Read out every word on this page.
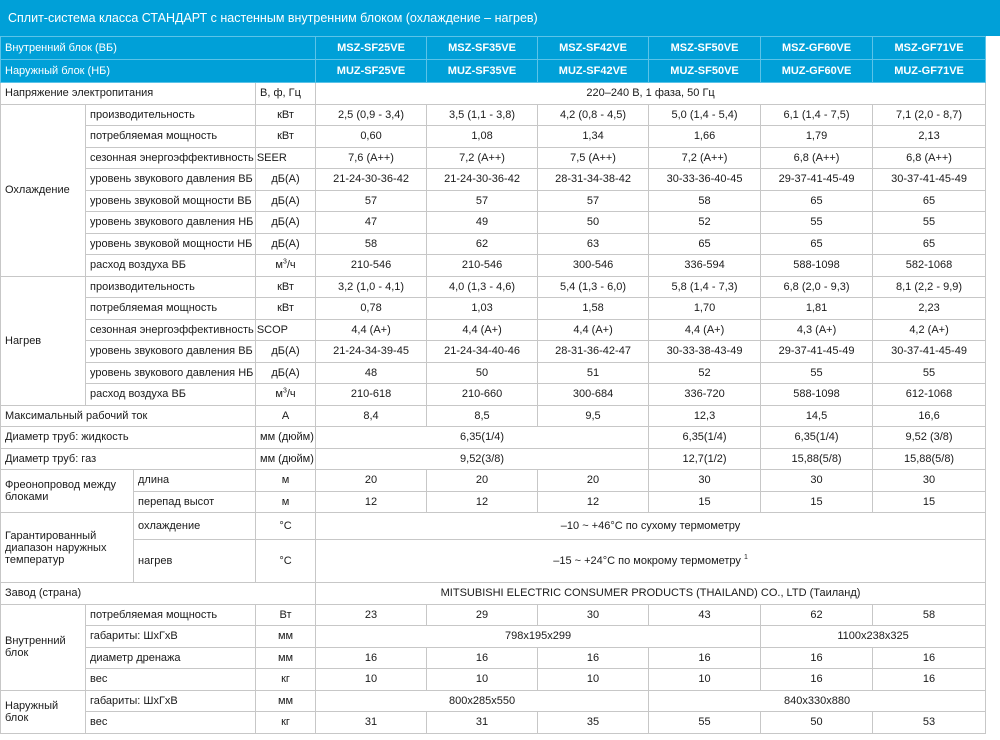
Сплит-система класса СТАНДАРТ с настенным внутренним блоком (охлаждение – нагрев)
Внутренний блок (ВБ)				MSZ-SF25VE	MSZ-SF35VE	MSZ-SF42VE	MSZ-SF50VE	MSZ-GF60VE	MSZ-GF71VE
Наружный блок (НБ)				MUZ-SF25VE	MUZ-SF35VE	MUZ-SF42VE	MUZ-SF50VE	MUZ-GF60VE	MUZ-GF71VE
Напряжение электропитания			В, ф, Гц	220–240 В, 1 фаза, 50 Гц					
Охлаждение	производительность		кВт	2,5 (0,9 - 3,4)	3,5 (1,1 - 3,8)	4,2 (0,8 - 4,5)	5,0 (1,4 - 5,4)	6,1 (1,4 - 7,5)	7,1 (2,0 - 8,7)
	потребляемая мощность		кВт	0,60	1,08	1,34	1,66	1,79	2,13
	сезонная энергоэффективность SEER			7,6 (A++)	7,2 (A++)	7,5 (A++)	7,2 (A++)	6,8 (A++)	6,8 (A++)
	уровень звукового давления ВБ		дБ(А)	21-24-30-36-42	21-24-30-36-42	28-31-34-38-42	30-33-36-40-45	29-37-41-45-49	30-37-41-45-49
	уровень звуковой мощности ВБ		дБ(А)	57	57	57	58	65	65
	уровень звукового давления НБ		дБ(А)	47	49	50	52	55	55
	уровень звуковой мощности НБ		дБ(А)	58	62	63	65	65	65
	расход воздуха ВБ		$м^3/ч$	210-546	210-546	300-546	336-594	588-1098	582-1068
Нагрев	производительность		кВт	3,2 (1,0 - 4,1)	4,0 (1,3 - 4,6)	5,4 (1,3 - 6,0)	5,8 (1,4 - 7,3)	6,8 (2,0 - 9,3)	8,1 (2,2 - 9,9)
	потребляемая мощность		кВт	0,78	1,03	1,58	1,70	1,81	2,23
	сезонная энергоэффективность SCOP			4,4 (A+)	4,4 (A+)	4,4 (A+)	4,4 (A+)	4,3 (A+)	4,2 (A+)
	уровень звукового давления ВБ		дБ(А)	21-24-34-39-45	21-24-34-40-46	28-31-36-42-47	30-33-38-43-49	29-37-41-45-49	30-37-41-45-49
	уровень звукового давления НБ		дБ(А)	48	50	51	52	55	55
	расход воздуха ВБ		$м^3/ч$	210-618	210-660	300-684	336-720	588-1098	612-1068
Максимальный рабочий ток			А	8,4	8,5	9,5	12,3	14,5	16,6
Диаметр труб: жидкость			мм (дюйм)	6,35(1/4)			6,35(1/4)	6,35(1/4)	9,52 (3/8)
Диаметр труб: газ			мм (дюйм)	9,52(3/8)			12,7(1/2)	15,88(5/8)	15,88(5/8)
Фреонопровод между блоками		длина	м	20	20	20	30	30	30
		перепад высот	м	12	12	12	15	15	15
Гарантированный диапазон наружных температур		охлаждение	°С	–10 ~ +46°С по сухому термометру					
		нагрев	°С	–15 ~ +24°С по мокрому термометру $^1$
Завод (страна)				MITSUBISHI ELECTRIC CONSUMER PRODUCTS (THAILAND) CO., LTD (Таиланд)					
Внутренний блок	потребляемая мощность		Вт	23	29	30	43	62	58
	габариты: ШхГхВ		мм	798x195x299				1100x238x325	
	диаметр дренажа		мм	16	16	16	16	16	16
	вес		кг	10	10	10	10	16	16
Наружный блок	габариты: ШхГхВ		мм	800x285x550			840x330x880		
	вес		кг	31	31	35	55	50	53
